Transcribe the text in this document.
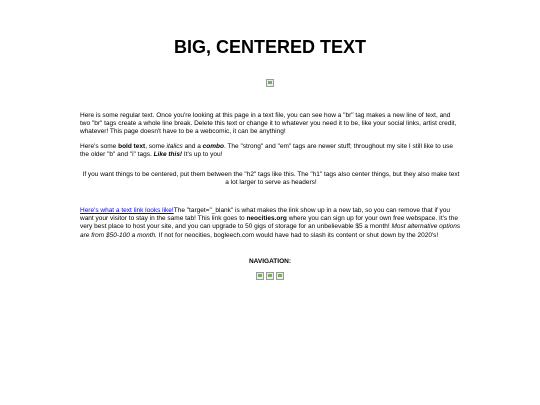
BIG, CENTERED TEXT
Here is some regular text. Once you're looking at this page in a text file, you can see how a "br" tag makes a new line of text, and two "br" tags create a whole line break. Delete this text or change it to whatever you need it to be, like your social links, artist credit, whatever! This page doesn't have to be a webcomic, it can be anything!
Here's some bold text, some italics and a combo. The "strong" and "em" tags are newer stuff; throughout my site I still like to use the older "b" and "i" tags. Like this! It's up to you!
If you want things to be centered, put them between the "h2" tags like this. The "h1" tags also center things, but they also make text a lot larger to serve as headers!
Here's what a text link looks like!The "target="_blank" is what makes the link show up in a new tab, so you can remove that if you want your visitor to stay in the same tab! This link goes to neocities.org where you can sign up for your own free webspace. It's the very best place to host your site, and you can upgrade to 50 gigs of storage for an unbelievable $5 a month! Most alternative options are from $50-100 a month. If not for neocities, bogleech.com would have had to slash its content or shut down by the 2020's!
NAVIGATION:
